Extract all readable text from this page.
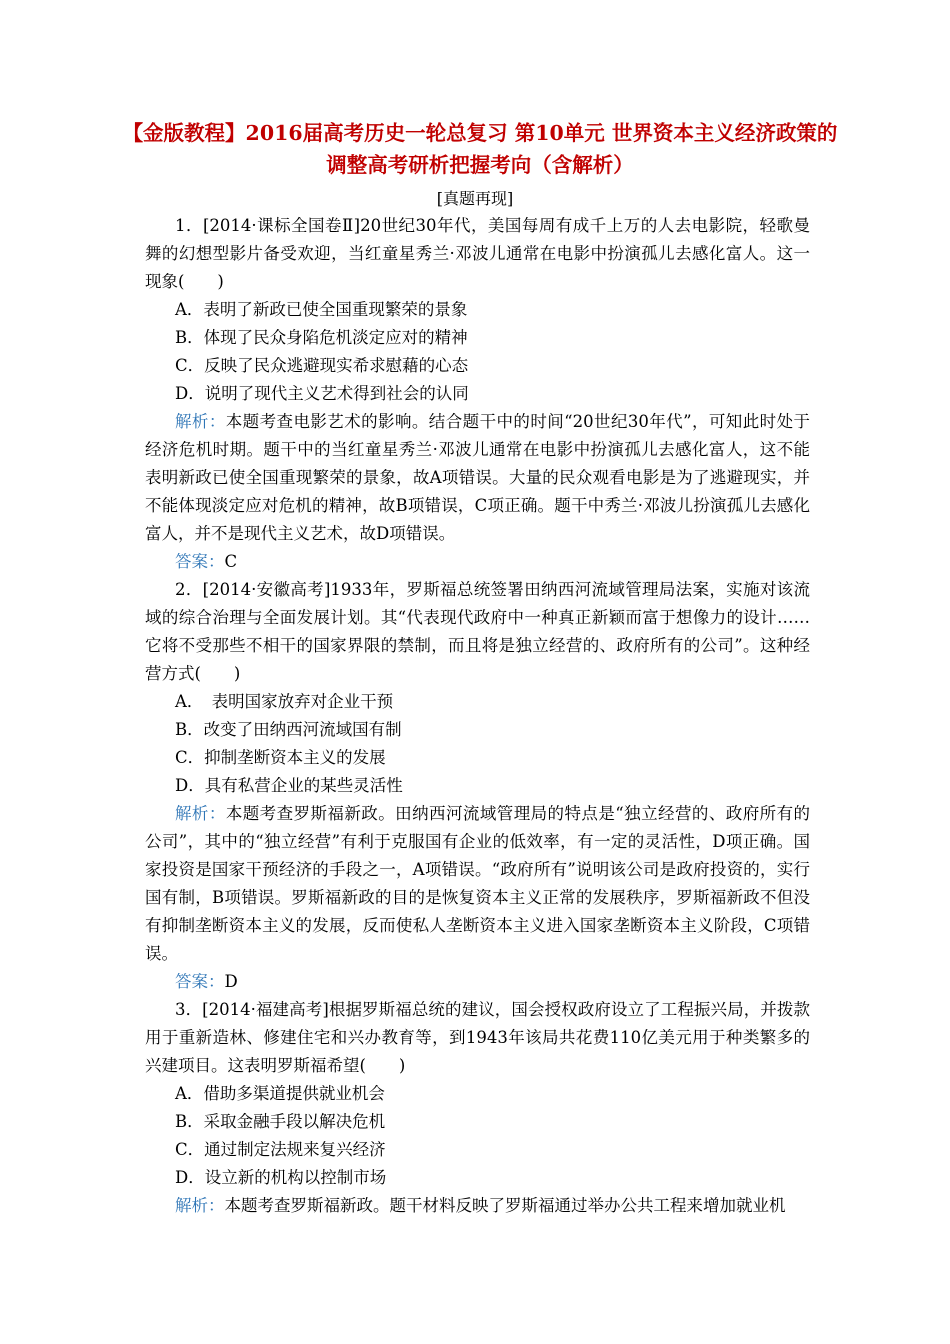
【金版教程】2016届高考历史一轮总复习 第10单元 世界资本主义经济政策的调整高考研析把握考向（含解析）
[真题再现]

1．[2014·课标全国卷Ⅱ]20世纪30年代，美国每周有成千上万的人去电影院，轻歌曼舞的幻想型影片备受欢迎，当红童星秀兰·邓波儿通常在电影中扮演孤儿去感化富人。这一现象(　　)

A．表明了新政已使全国重现繁荣的景象

B．体现了民众身陷危机淡定应对的精神

C．反映了民众逃避现实希求慰藉的心态

D．说明了现代主义艺术得到社会的认同

解析：本题考查电影艺术的影响。结合题干中的时间“20世纪30年代”，可知此时处于经济危机时期。题干中的当红童星秀兰·邓波儿通常在电影中扮演孤儿去感化富人，这不能表明新政已使全国重现繁荣的景象，故A项错误。大量的民众观看电影是为了逃避现实，并不能体现淡定应对危机的精神，故B项错误，C项正确。题干中秀兰·邓波儿扮演孤儿去感化富人，并不是现代主义艺术，故D项错误。

答案：C

2．[2014·安徽高考]1933年，罗斯福总统签署田纳西河流域管理局法案，实施对该流域的综合治理与全面发展计划。其“代表现代政府中一种真正新颖而富于想像力的设计……它将不受那些不相干的国家界限的禁制，而且将是独立经营的、政府所有的公司”。这种经营方式(　　)

A．　表明国家放弃对企业干预

B．改变了田纳西河流域国有制

C．抑制垄断资本主义的发展

D．具有私营企业的某些灵活性

解析：本题考查罗斯福新政。田纳西河流域管理局的特点是“独立经营的、政府所有的公司”，其中的“独立经营”有利于克服国有企业的低效率，有一定的灵活性，D项正确。国家投资是国家干预经济的手段之一，A项错误。“政府所有”说明该公司是政府投资的，实行国有制，B项错误。罗斯福新政的目的是恢复资本主义正常的发展秩序，罗斯福新政不但没有抑制垄断资本主义的发展，反而使私人垄断资本主义进入国家垄断资本主义阶段，C项错误。

答案：D

3．[2014·福建高考]根据罗斯福总统的建议，国会授权政府设立了工程振兴局，并拨款用于重新造林、修建住宅和兴办教育等，到1943年该局共花费110亿美元用于种类繁多的兴建项目。这表明罗斯福希望(　　)

A．借助多渠道提供就业机会

B．采取金融手段以解决危机

C．通过制定法规来复兴经济

D．设立新的机构以控制市场

解析：本题考查罗斯福新政。题干材料反映了罗斯福通过举办公共工程来增加就业机
